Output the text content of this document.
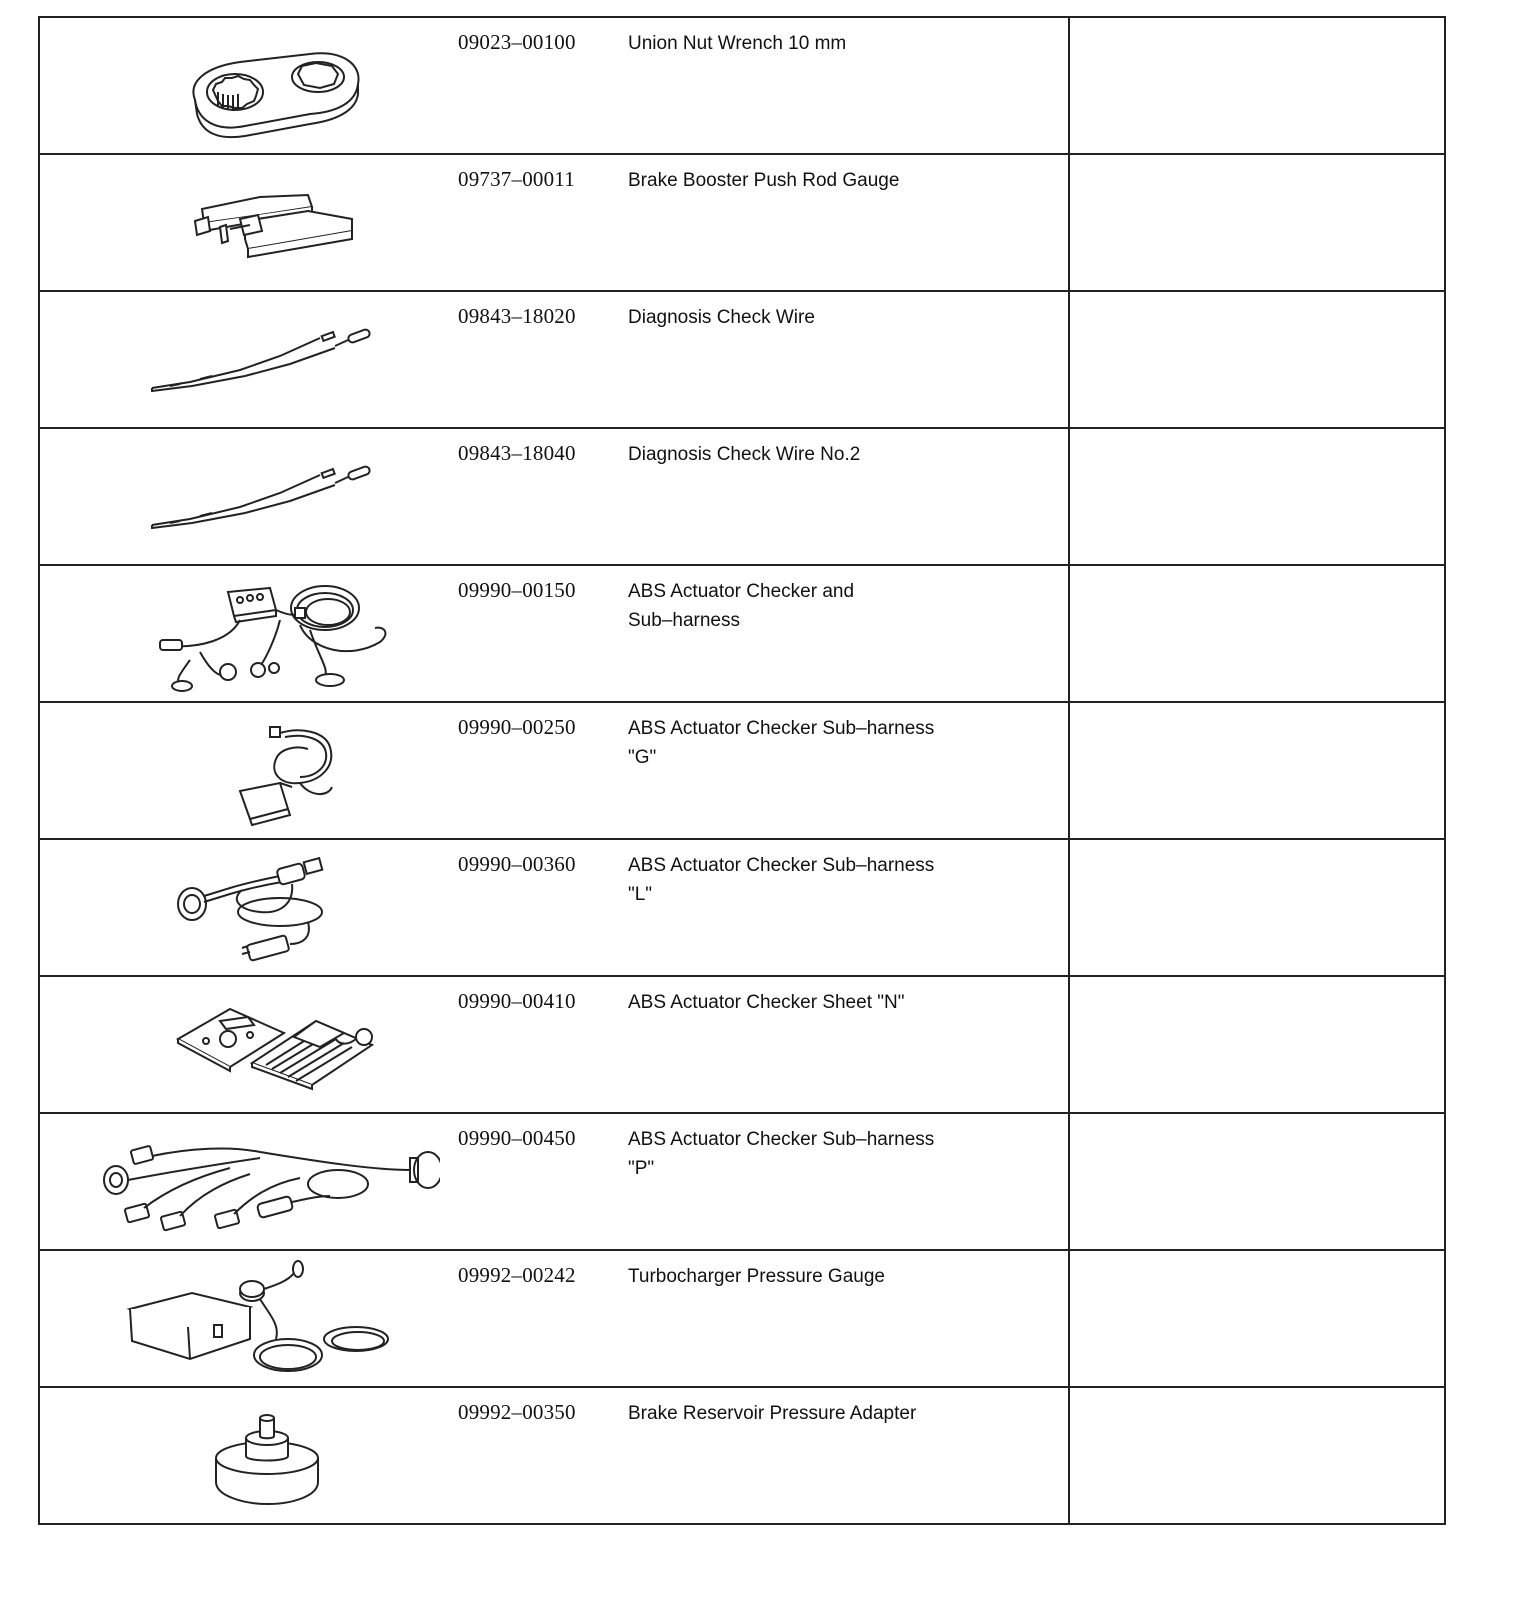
09023–00100 Union Nut Wrench 10 mm	

09737–00011 Brake Booster Push Rod Gauge	

09843–18020 Diagnosis Check Wire	

09843–18040 Diagnosis Check Wire No.2	

09990–00150 ABS Actuator Checker and
Sub–harness	

09990–00250 ABS Actuator Checker Sub–harness
"G"	

09990–00360 ABS Actuator Checker Sub–harness
"L"	

09990–00410 ABS Actuator Checker Sheet "N"	

09990–00450 ABS Actuator Checker Sub–harness
"P"	

09992–00242 Turbocharger Pressure Gauge	

09992–00350 Brake Reservoir Pressure Adapter	
